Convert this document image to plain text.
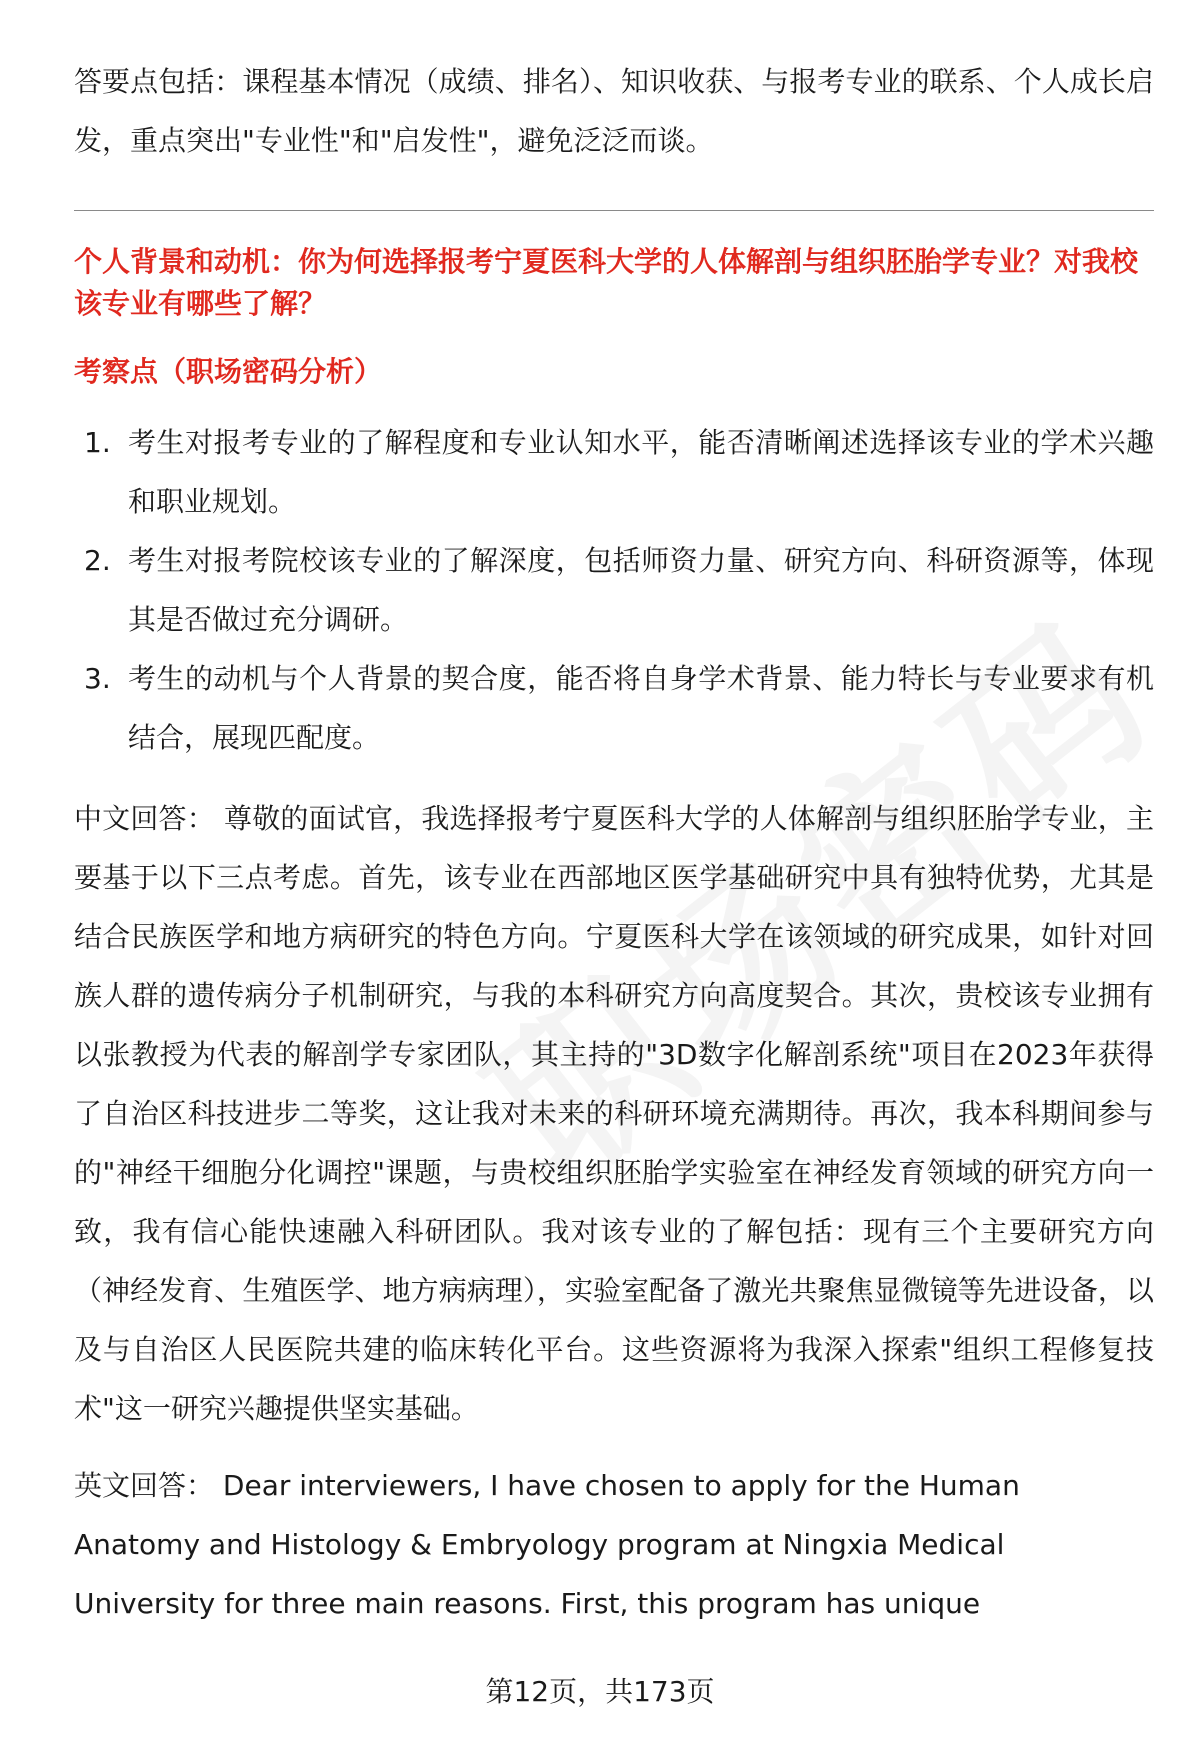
答要点包括：课程基本情况（成绩、排名）、知识收获、与报考专业的联系、个人成长启发，重点突出"专业性"和"启发性"，避免泛泛而谈。

个人背景和动机：你为何选择报考宁夏医科大学的人体解剖与组织胚胎学专业？对我校该专业有哪些了解？
考察点（职场密码分析）
1. 考生对报考专业的了解程度和专业认知水平，能否清晰阐述选择该专业的学术兴趣和职业规划。
2. 考生对报考院校该专业的了解深度，包括师资力量、研究方向、科研资源等，体现其是否做过充分调研。
3. 考生的动机与个人背景的契合度，能否将自身学术背景、能力特长与专业要求有机结合，展现匹配度。

中文回答： 尊敬的面试官，我选择报考宁夏医科大学的人体解剖与组织胚胎学专业，主要基于以下三点考虑。首先，该专业在西部地区医学基础研究中具有独特优势，尤其是结合民族医学和地方病研究的特色方向。宁夏医科大学在该领域的研究成果，如针对回族人群的遗传病分子机制研究，与我的本科研究方向高度契合。其次，贵校该专业拥有以张教授为代表的解剖学专家团队，其主持的"3D数字化解剖系统"项目在2023年获得了自治区科技进步二等奖，这让我对未来的科研环境充满期待。再次，我本科期间参与的"神经干细胞分化调控"课题，与贵校组织胚胎学实验室在神经发育领域的研究方向一致，我有信心能快速融入科研团队。我对该专业的了解包括：现有三个主要研究方向（神经发育、生殖医学、地方病病理），实验室配备了激光共聚焦显微镜等先进设备，以及与自治区人民医院共建的临床转化平台。这些资源将为我深入探索"组织工程修复技术"这一研究兴趣提供坚实基础。

英文回答： Dear interviewers, I have chosen to apply for the Human Anatomy and Histology & Embryology program at Ningxia Medical University for three main reasons. First, this program has unique

第12页，共173页
